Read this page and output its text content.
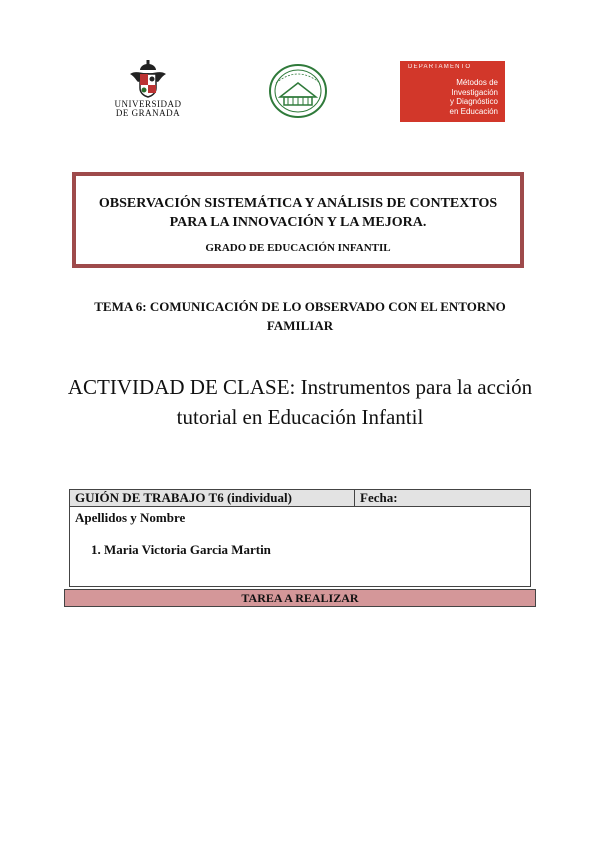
UNIVERSIDAD
DE GRANADA
DEPARTAMENTO
Métodos de
Investigación
y Diagnóstico
en Educación
OBSERVACIÓN SISTEMÁTICA Y ANÁLISIS DE CONTEXTOS PARA LA INNOVACIÓN Y LA MEJORA.
GRADO DE EDUCACIÓN INFANTIL
TEMA 6: COMUNICACIÓN DE LO OBSERVADO CON EL ENTORNO FAMILIAR
ACTIVIDAD DE CLASE: Instrumentos para la acción tutorial en Educación Infantil
GUIÓN DE TRABAJO T6 (individual)	Fecha:

Apellidos y Nombre
1. Maria Victoria Garcia Martin
TAREA A REALIZAR
